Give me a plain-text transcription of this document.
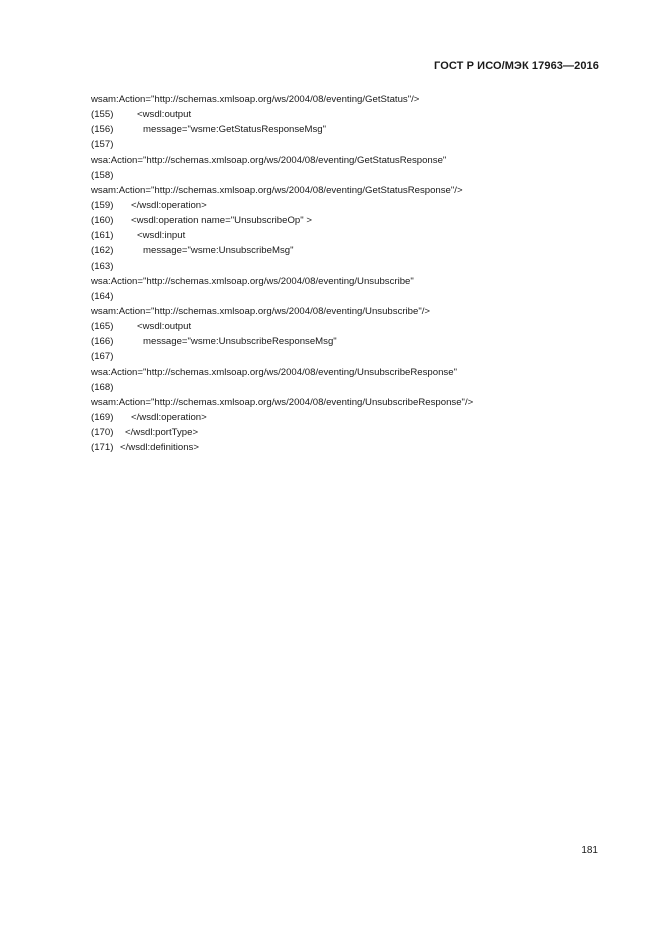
ГОСТ Р ИСО/МЭК 17963—2016
wsam:Action="http://schemas.xmlsoap.org/ws/2004/08/eventing/GetStatus"/>
(155) <wsdl:output
(156)	message="wsme:GetStatusResponseMsg"
(157)
wsa:Action="http://schemas.xmlsoap.org/ws/2004/08/eventing/GetStatusResponse"
(158)
wsam:Action="http://schemas.xmlsoap.org/ws/2004/08/eventing/GetStatusResponse"/>
(159) </wsdl:operation>
(160) <wsdl:operation name="UnsubscribeOp" >
(161) <wsdl:input
(162)	message="wsme:UnsubscribeMsg"
(163)
wsa:Action="http://schemas.xmlsoap.org/ws/2004/08/eventing/Unsubscribe"
(164)
wsam:Action="http://schemas.xmlsoap.org/ws/2004/08/eventing/Unsubscribe"/>
(165) <wsdl:output
(166)	message="wsme:UnsubscribeResponseMsg"
(167)
wsa:Action="http://schemas.xmlsoap.org/ws/2004/08/eventing/UnsubscribeResponse"
(168)
wsam:Action="http://schemas.xmlsoap.org/ws/2004/08/eventing/UnsubscribeResponse"/>
(169) </wsdl:operation>
(170) </wsdl:portType>
(171) </wsdl:definitions>
181
